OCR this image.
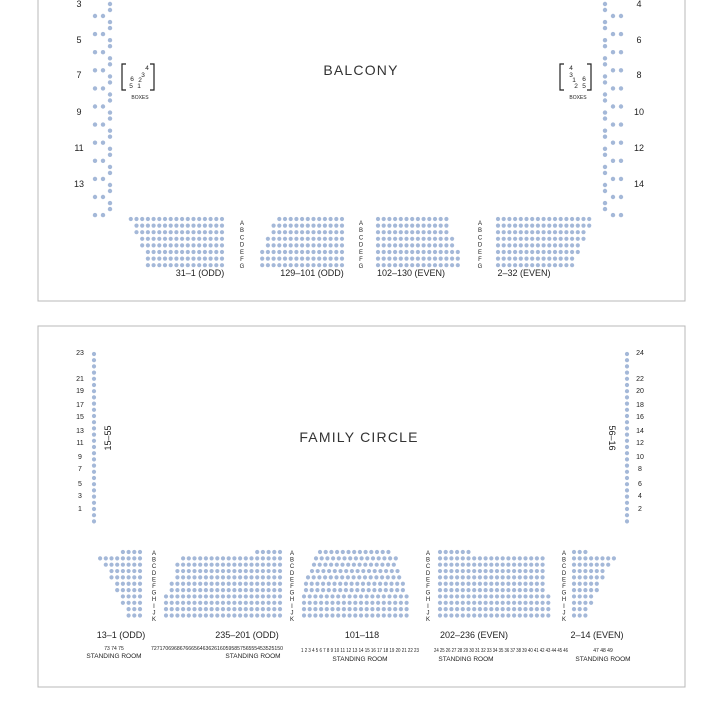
BALCONY
3
5
7
9
11
13
4
6
8
10
12
14
4
3
6 2
5 1
BOXES
4
3
1 6
2 5
BOXES
A
B
C
D
E
F
G
A
B
C
D
E
F
G
A
B
C
D
E
F
G
31–1 (ODD)	129–101 (ODD)	102–130 (EVEN)	2–32 (EVEN)
FAMILY CIRCLE
15–55	56–16
23
21
19
17
15
13
11
9
7
5
3
1
24
22
20
18
16
14
12
10
8
6
4
2
A
B
C
D
E
F
G
H
I
J
K
A
B
C
D
E
F
G
H
I
J
K
A
B
C
D
E
F
G
H
I
J
K
A
B
C
D
E
F
G
H
I
J
K
13–1 (ODD)	235–201 (ODD)	101–118	202–236 (EVEN)	2–14 (EVEN)
73 74 75	7271706968676665646362616059585756555453525150	1 2 3 4 5 6 7 8 9 10 11 12 13 14 15 16 17 18 19 20 21 22 23	24 25 26 27 28 29 30 31 32 33 34 35 36 37 38 39 40 41 42 43 44 45 46	47 48 49
STANDING ROOM	STANDING ROOM	STANDING ROOM	STANDING ROOM	STANDING ROOM
